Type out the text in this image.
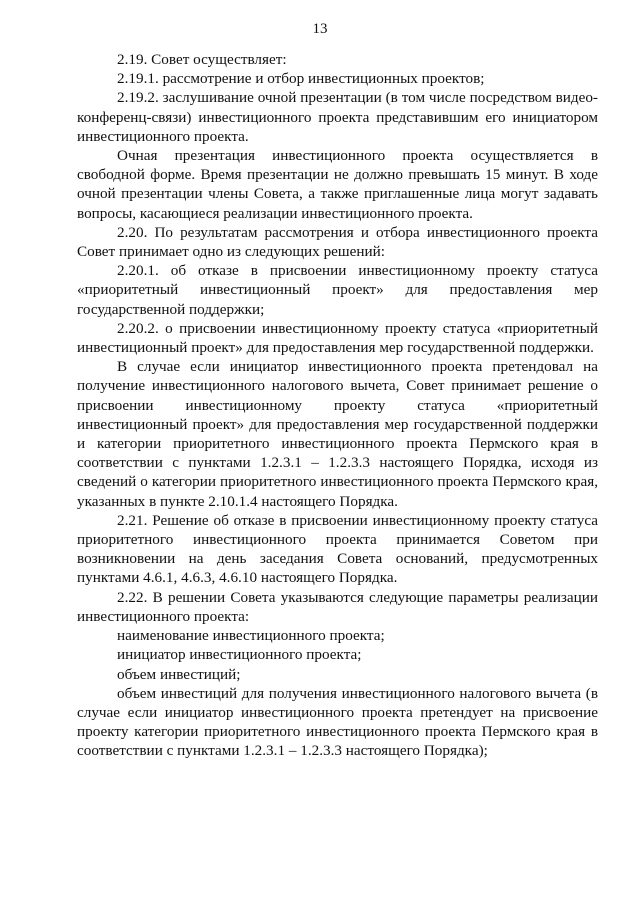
13

2.19. Совет осуществляет:

2.19.1. рассмотрение и отбор инвестиционных проектов;

2.19.2. заслушивание очной презентации (в том числе посредством видео-конференц-связи) инвестиционного проекта представившим его инициатором инвестиционного проекта.

Очная презентация инвестиционного проекта осуществляется в свободной форме. Время презентации не должно превышать 15 минут. В ходе очной презентации члены Совета, а также приглашенные лица могут задавать вопросы, касающиеся реализации инвестиционного проекта.

2.20. По результатам рассмотрения и отбора инвестиционного проекта Совет принимает одно из следующих решений:

2.20.1. об отказе в присвоении инвестиционному проекту статуса «приоритетный инвестиционный проект» для предоставления мер государственной поддержки;

2.20.2. о присвоении инвестиционному проекту статуса «приоритетный инвестиционный проект» для предоставления мер государственной поддержки.

В случае если инициатор инвестиционного проекта претендовал на получение инвестиционного налогового вычета, Совет принимает решение о присвоении инвестиционному проекту статуса «приоритетный инвестиционный проект» для предоставления мер государственной поддержки и категории приоритетного инвестиционного проекта Пермского края в соответствии с пунктами 1.2.3.1 – 1.2.3.3 настоящего Порядка, исходя из сведений о категории приоритетного инвестиционного проекта Пермского края, указанных в пункте 2.10.1.4 настоящего Порядка.

2.21. Решение об отказе в присвоении инвестиционному проекту статуса приоритетного инвестиционного проекта принимается Советом при возникновении на день заседания Совета оснований, предусмотренных пунктами 4.6.1, 4.6.3, 4.6.10 настоящего Порядка.

2.22. В решении Совета указываются следующие параметры реализации инвестиционного проекта:

наименование инвестиционного проекта;

инициатор инвестиционного проекта;

объем инвестиций;

объем инвестиций для получения инвестиционного налогового вычета (в случае если инициатор инвестиционного проекта претендует на присвоение проекту категории приоритетного инвестиционного проекта Пермского края в соответствии с пунктами 1.2.3.1 – 1.2.3.3 настоящего Порядка);
